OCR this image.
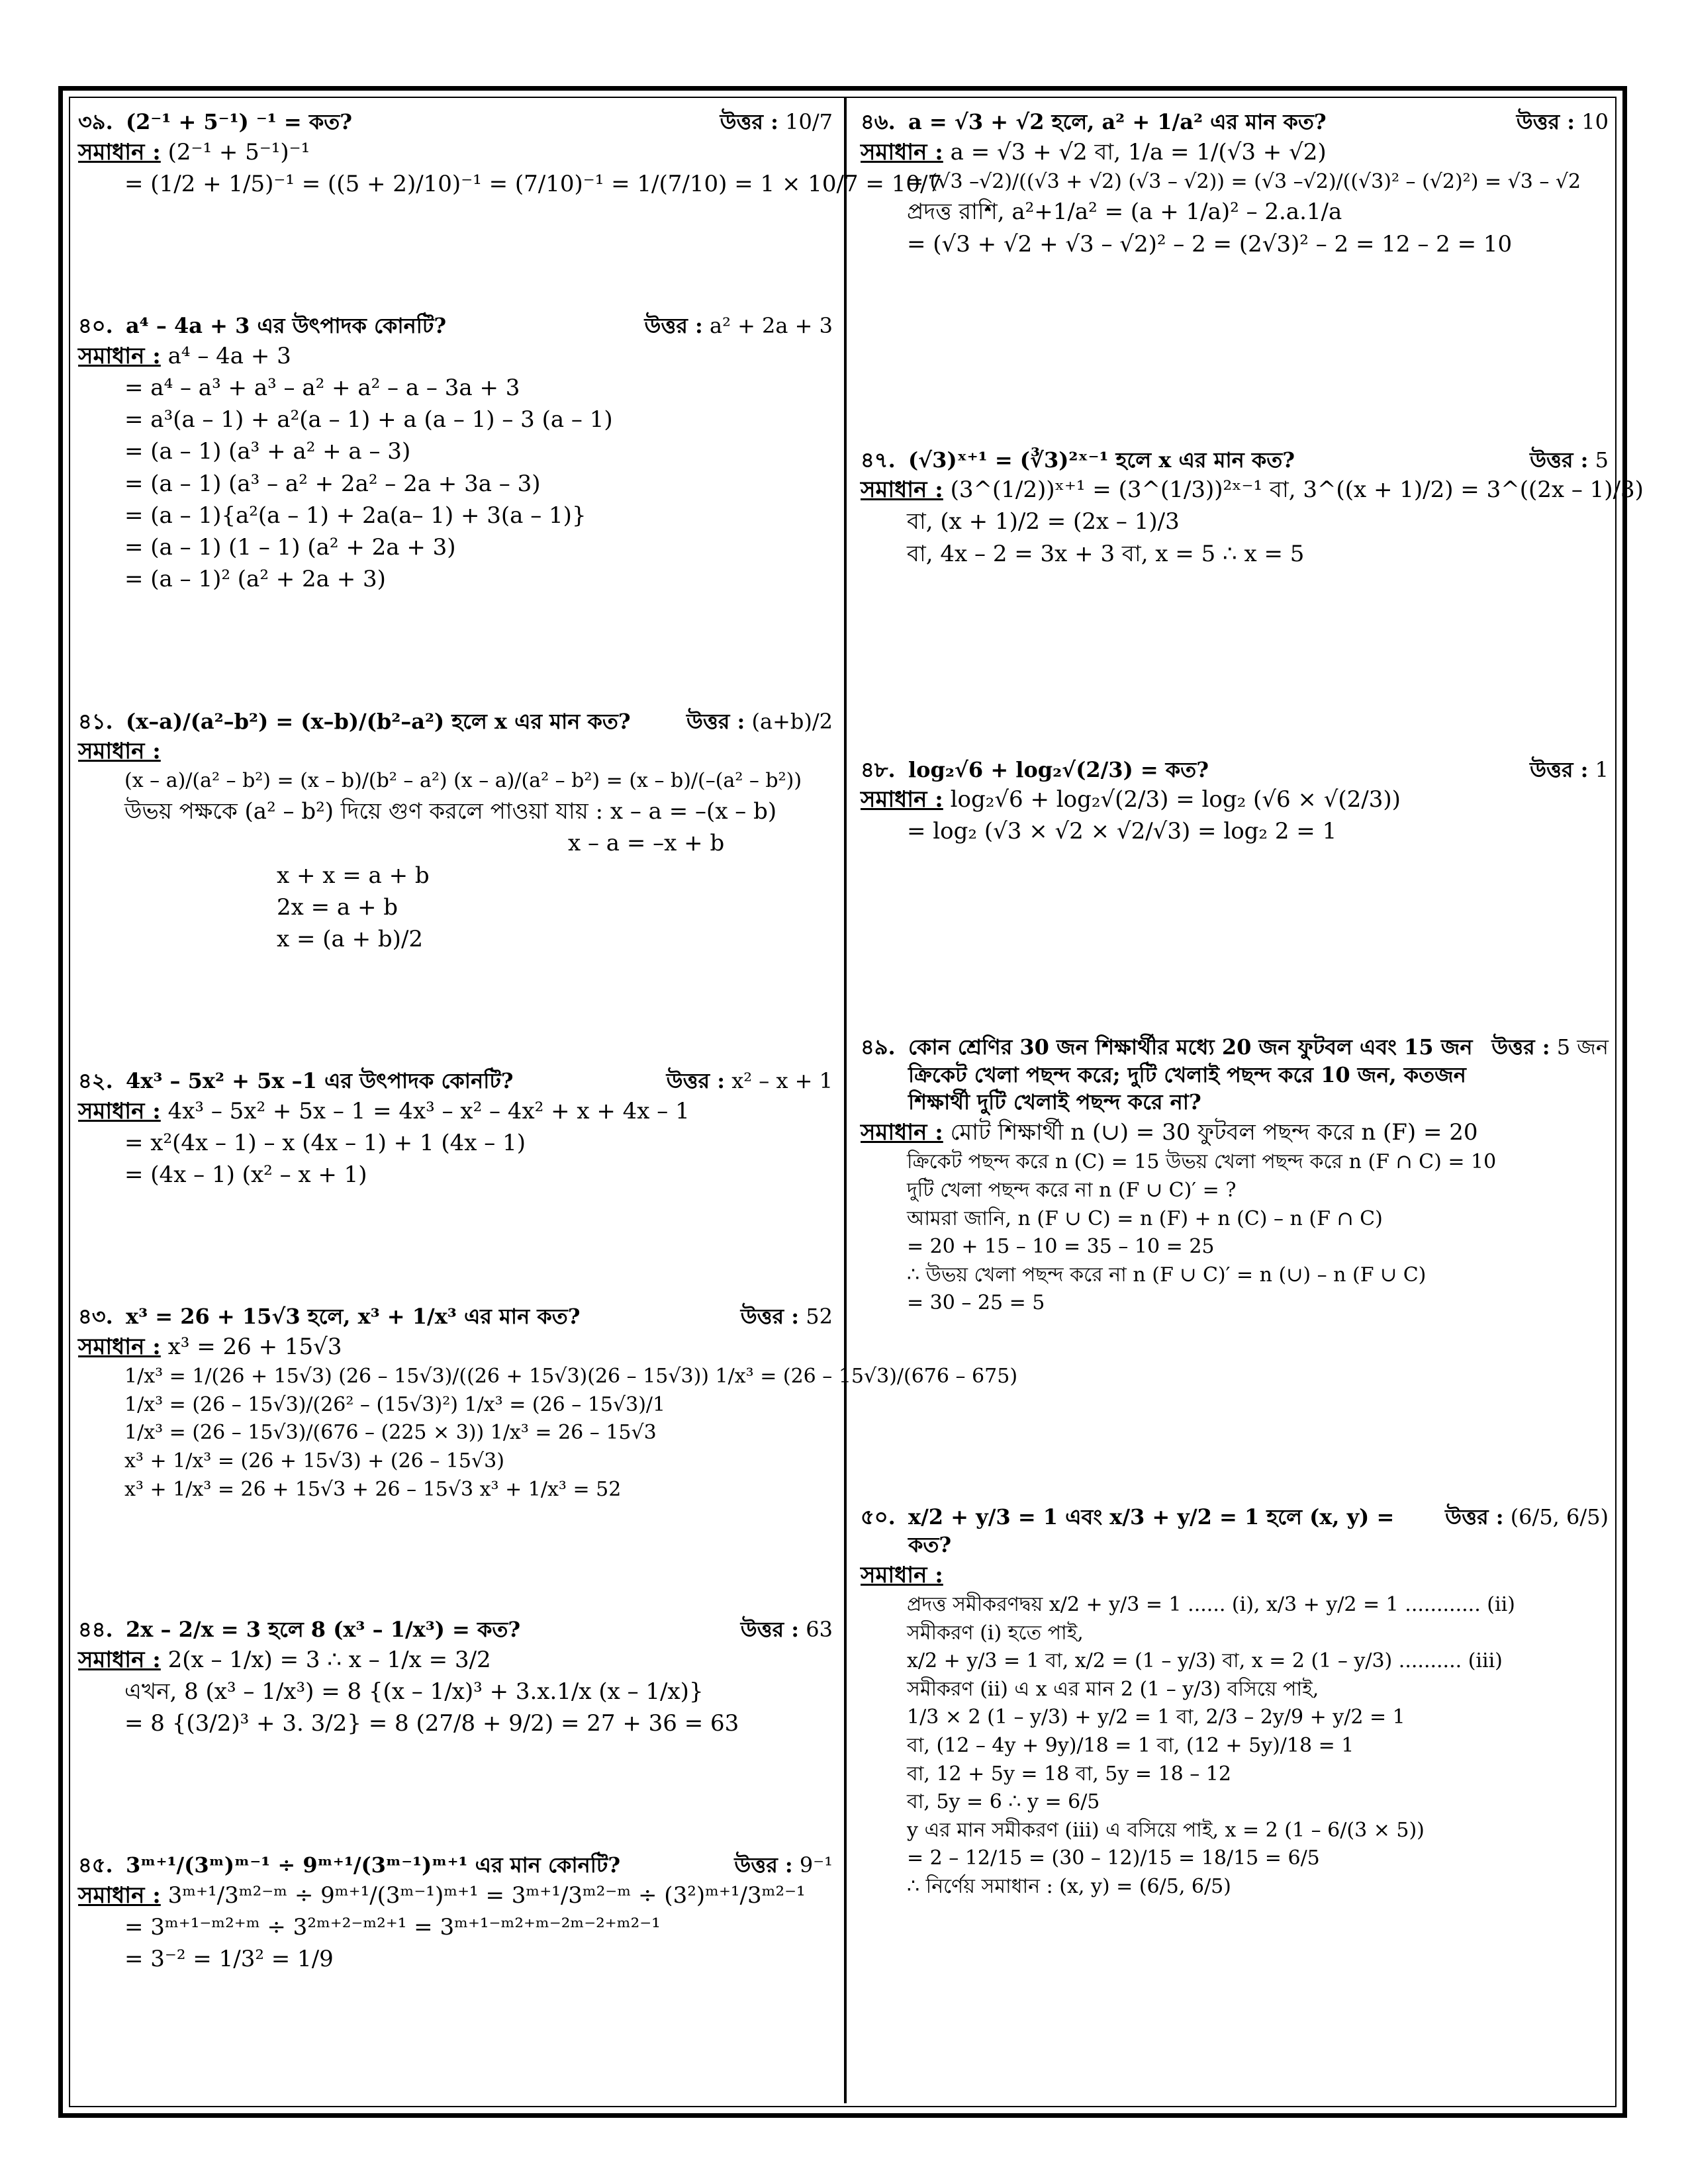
৩৯. (2⁻¹ + 5⁻¹) ⁻¹ = কত?	উত্তর : 10/7
সমাধান : (2⁻¹ + 5⁻¹)⁻¹
= (1/2 + 1/5)⁻¹ = ((5 + 2)/10)⁻¹ = (7/10)⁻¹ = 1/(7/10) = 1 × 10/7 = 10/7
৪০. a⁴ – 4a + 3 এর উৎপাদক কোনটি?	উত্তর : a² + 2a + 3
সমাধান : a⁴ – 4a + 3
= a⁴ – a³ + a³ – a² + a² – a – 3a + 3
= a³(a – 1) + a²(a – 1) + a (a – 1) – 3 (a – 1)
= (a – 1) (a³ + a² + a – 3)
= (a – 1) (a³ – a² + 2a² – 2a + 3a – 3)
= (a – 1){a²(a – 1) + 2a(a– 1) + 3(a – 1)}
= (a – 1) (1 – 1) (a² + 2a + 3)
= (a – 1)² (a² + 2a + 3)
৪১. (x–a)/(a²–b²) = (x–b)/(b²–a²) হলে x এর মান কত?	উত্তর : (a+b)/2
সমাধান :
(x – a)/(a² – b²) = (x – b)/(b² – a²) (x – a)/(a² – b²) = (x – b)/(–(a² – b²))
উভয় পক্ষকে (a² – b²) দিয়ে গুণ করলে পাওয়া যায় : x – a = –(x – b)
x – a = –x + b
x + x = a + b
2x = a + b
x = (a + b)/2
৪২. 4x³ – 5x² + 5x –1 এর উৎপাদক কোনটি?	উত্তর : x² – x + 1
সমাধান : 4x³ – 5x² + 5x – 1 = 4x³ – x² – 4x² + x + 4x – 1
= x²(4x – 1) – x (4x – 1) + 1 (4x – 1)
= (4x – 1) (x² – x + 1)
৪৩. x³ = 26 + 15√3 হলে, x³ + 1/x³ এর মান কত?	উত্তর : 52
সমাধান : x³ = 26 + 15√3
1/x³ = 1/(26 + 15√3) (26 – 15√3)/((26 + 15√3)(26 – 15√3)) 1/x³ = (26 – 15√3)/(676 – 675)
1/x³ = (26 – 15√3)/(26² – (15√3)²) 1/x³ = (26 – 15√3)/1
1/x³ = (26 – 15√3)/(676 – (225 × 3)) 1/x³ = 26 – 15√3
x³ + 1/x³ = (26 + 15√3) + (26 – 15√3)
x³ + 1/x³ = 26 + 15√3 + 26 – 15√3 x³ + 1/x³ = 52
৪৪. 2x – 2/x = 3 হলে 8 (x³ – 1/x³) = কত?	উত্তর : 63
সমাধান : 2(x – 1/x) = 3 ∴ x – 1/x = 3/2
এখন, 8 (x³ – 1/x³) = 8 {(x – 1/x)³ + 3.x.1/x (x – 1/x)}
= 8 {(3/2)³ + 3. 3/2} = 8 (27/8 + 9/2) = 27 + 36 = 63
৪৫. 3ᵐ⁺¹/(3ᵐ)ᵐ⁻¹ ÷ 9ᵐ⁺¹/(3ᵐ⁻¹)ᵐ⁺¹ এর মান কোনটি?	উত্তর : 9⁻¹
সমাধান : 3ᵐ⁺¹/3ᵐ²⁻ᵐ ÷ 9ᵐ⁺¹/(3ᵐ⁻¹)ᵐ⁺¹ = 3ᵐ⁺¹/3ᵐ²⁻ᵐ ÷ (3²)ᵐ⁺¹/3ᵐ²⁻¹
= 3ᵐ⁺¹⁻ᵐ²⁺ᵐ ÷ 3²ᵐ⁺²⁻ᵐ²⁺¹ = 3ᵐ⁺¹⁻ᵐ²⁺ᵐ⁻²ᵐ⁻²⁺ᵐ²⁻¹
= 3⁻² = 1/3² = 1/9
৪৬. a = √3 + √2 হলে, a² + 1/a² এর মান কত?	উত্তর : 10
সমাধান : a = √3 + √2 বা, 1/a = 1/(√3 + √2)
= (√3 –√2)/((√3 + √2) (√3 – √2)) = (√3 –√2)/((√3)² – (√2)²) = √3 – √2
প্রদত্ত রাশি, a²+1/a² = (a + 1/a)² – 2.a.1/a
= (√3 + √2 + √3 – √2)² – 2 = (2√3)² – 2 = 12 – 2 = 10
৪৭. (√3)ˣ⁺¹ = (∛3)²ˣ⁻¹ হলে x এর মান কত?	উত্তর : 5
সমাধান : (3^(1/2))ˣ⁺¹ = (3^(1/3))²ˣ⁻¹ বা, 3^((x + 1)/2) = 3^((2x – 1)/3)
বা, (x + 1)/2 = (2x – 1)/3
বা, 4x – 2 = 3x + 3 বা, x = 5 ∴ x = 5
৪৮. log₂√6 + log₂√(2/3) = কত?	উত্তর : 1
সমাধান : log₂√6 + log₂√(2/3) = log₂ (√6 × √(2/3))
= log₂ (√3 × √2 × √2/√3) = log₂ 2 = 1
৪৯. কোন শ্রেণির 30 জন শিক্ষার্থীর মধ্যে 20 জন ফুটবল এবং 15 জন ক্রিকেট খেলা পছন্দ করে; দুটি খেলাই পছন্দ করে 10 জন, কতজন শিক্ষার্থী দুটি খেলাই পছন্দ করে না?
উত্তর : 5 জন
সমাধান : মোট শিক্ষার্থী n (∪) = 30 ফুটবল পছন্দ করে n (F) = 20
ক্রিকেট পছন্দ করে n (C) = 15 উভয় খেলা পছন্দ করে n (F ∩ C) = 10
দুটি খেলা পছন্দ করে না n (F ∪ C)′ = ?
আমরা জানি, n (F ∪ C) = n (F) + n (C) – n (F ∩ C)
= 20 + 15 – 10 = 35 – 10 = 25
∴ উভয় খেলা পছন্দ করে না n (F ∪ C)′ = n (∪) – n (F ∪ C)
= 30 – 25 = 5
৫০. x/2 + y/3 = 1 এবং x/3 + y/2 = 1 হলে (x, y) = কত?
উত্তর : (6/5, 6/5)
সমাধান :
প্রদত্ত সমীকরণদ্বয় x/2 + y/3 = 1 ...... (i), x/3 + y/2 = 1 ............ (ii)
সমীকরণ (i) হতে পাই,
x/2 + y/3 = 1 বা, x/2 = (1 – y/3) বা, x = 2 (1 – y/3) .......... (iii)
সমীকরণ (ii) এ x এর মান 2 (1 – y/3) বসিয়ে পাই,
1/3 × 2 (1 – y/3) + y/2 = 1 বা, 2/3 – 2y/9 + y/2 = 1
বা, (12 – 4y + 9y)/18 = 1 বা, (12 + 5y)/18 = 1
বা, 12 + 5y = 18 বা, 5y = 18 – 12
বা, 5y = 6 ∴ y = 6/5
y এর মান সমীকরণ (iii) এ বসিয়ে পাই, x = 2 (1 – 6/(3 × 5))
= 2 – 12/15 = (30 – 12)/15 = 18/15 = 6/5
∴ নির্ণেয় সমাধান : (x, y) = (6/5, 6/5)
